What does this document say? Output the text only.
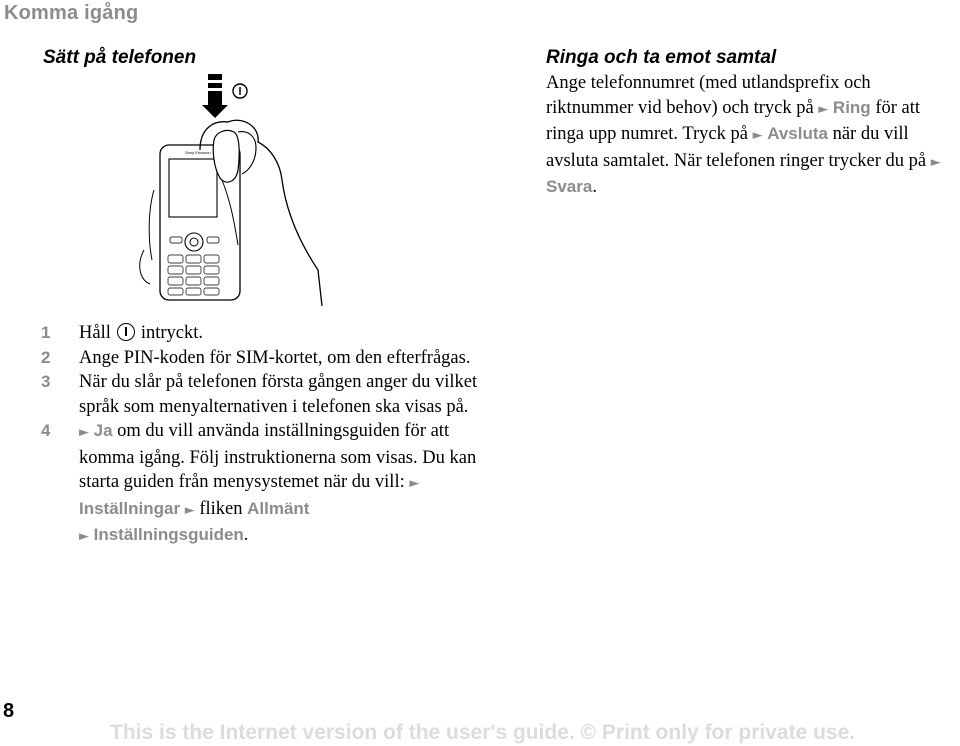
Komma igång
Sätt på telefonen
Sony Ericsson
1 Håll intryckt.
2 Ange PIN-koden för SIM-kortet, om den efterfrågas.
3 När du slår på telefonen första gången anger du vilket språk som menyalternativen i telefonen ska visas på.
4 ► Ja om du vill använda inställningsguiden för att komma igång. Följ instruktionerna som visas. Du kan starta guiden från menysystemet när du vill: ► Inställningar ► fliken Allmänt
► Inställningsguiden.
Ringa och ta emot samtal

Ange telefonnumret (med utlandsprefix och riktnummer vid behov) och tryck på ► Ring för att ringa upp numret. Tryck på ► Avsluta när du vill avsluta samtalet. När telefonen ringer trycker du på ► Svara.

8
This is the Internet version of the user's guide. © Print only for private use.
